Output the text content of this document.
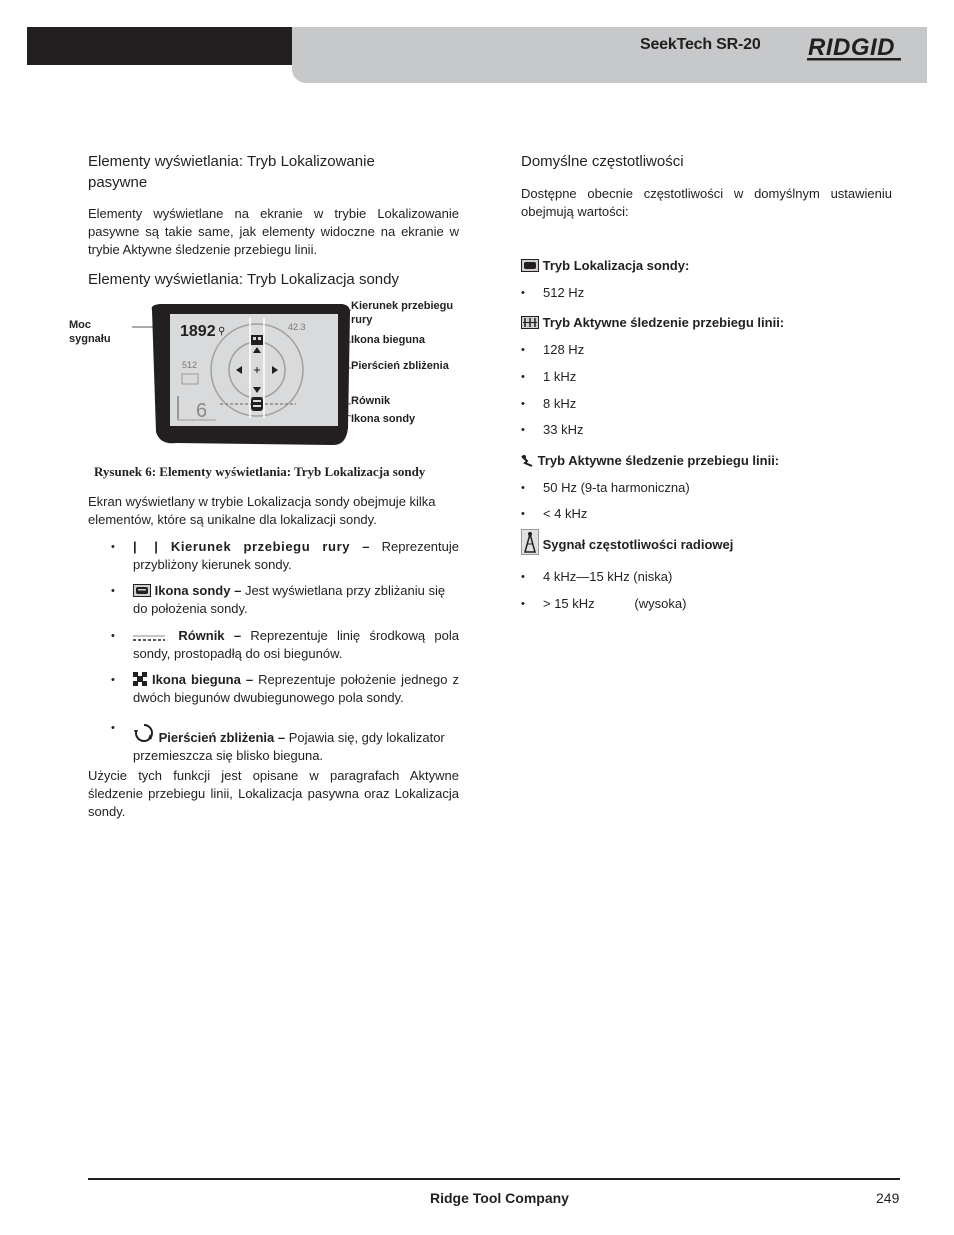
SeekTech SR-20 RIDGID
Elementy wyświetlania: Tryb Lokalizowanie pasywne

Elementy wyświetlane na ekranie w trybie Lokalizowanie pasywne są takie same, jak elementy widoczne na ekranie w trybie Aktywne śledzenie przebiegu linii.

Elementy wyświetlania: Tryb Lokalizacja sondy
Moc sygnału
Kierunek przebiegu rury
Ikona bieguna
Pierścień zbliżenia
Równik
Ikona sondy
1892 ⚲	42.3
512
6
Rysunek 6: Elementy wyświetlania: Tryb Lokalizacja sondy

Ekran wyświetlany w trybie Lokalizacja sondy obejmuje kilka elementów, które są unikalne dla lokalizacji sondy.

• | | Kierunek przebiegu rury – Reprezentuje przybliżony kierunek sondy.
• Ikona sondy – Jest wyświetlana przy zbliżaniu się do położenia sondy.
• Równik – Reprezentuje linię środkową pola sondy, prostopadłą do osi biegunów.
• Ikona bieguna – Reprezentuje położenie jednego z dwóch biegunów dwubiegunowego pola sondy.
• Pierścień zbliżenia – Pojawia się, gdy lokalizator przemieszcza się blisko bieguna.

Użycie tych funkcji jest opisane w paragrafach Aktywne śledzenie przebiegu linii, Lokalizacja pasywna oraz Lokalizacja sondy.

Domyślne częstotliwości

Dostępne obecnie częstotliwości w domyślnym ustawieniu obejmują wartości:

Tryb Lokalizacja sondy:
• 512 Hz
Tryb Aktywne śledzenie przebiegu linii:
• 128 Hz
• 1 kHz
• 8 kHz
• 33 kHz
Tryb Aktywne śledzenie przebiegu linii:
• 50 Hz (9-ta harmoniczna)
• < 4 kHz
Sygnał częstotliwości radiowej
• 4 kHz—15 kHz (niska)
• > 15 kHz           (wysoka)
Ridge Tool Company	249
